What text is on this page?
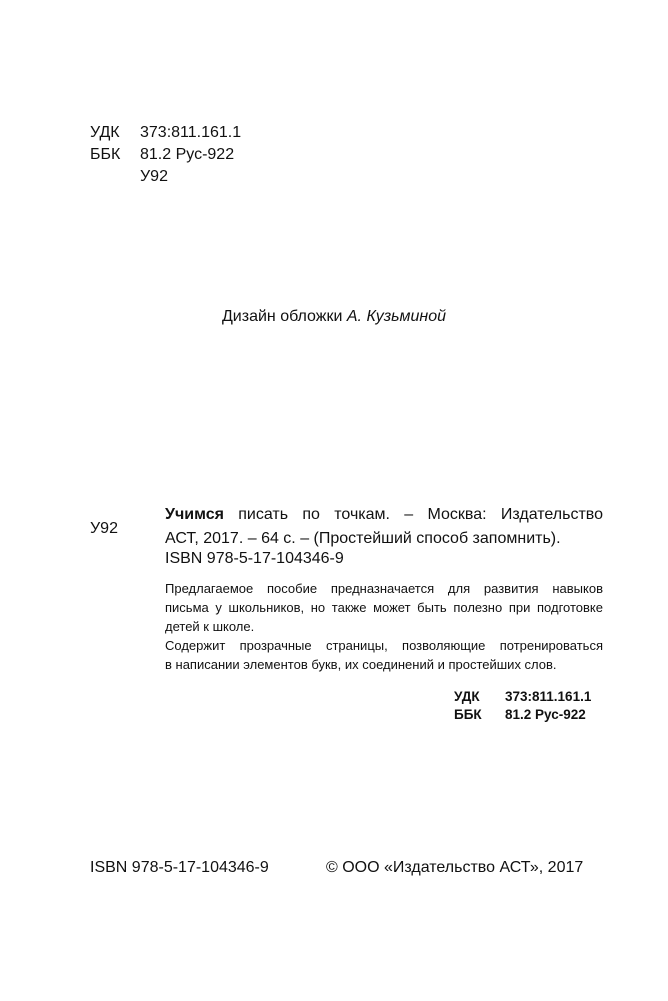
УДК 373:811.161.1
ББК 81.2 Рус-922
У92
Дизайн обложки А. Кузьминой
У92
Учимся писать по точкам. – Москва: Издательство
АСТ, 2017. – 64 с. – (Простейший способ запомнить).
ISBN 978-5-17-104346-9
Предлагаемое пособие предназначается для развития навыков
письма у школьников, но также может быть полезно при подготовке
детей к школе.
Содержит прозрачные страницы, позволяющие потренироваться
в написании элементов букв, их соединений и простейших слов.
УДК 373:811.161.1
ББК 81.2 Рус-922
ISBN 978-5-17-104346-9	© ООО «Издательство АСТ», 2017
